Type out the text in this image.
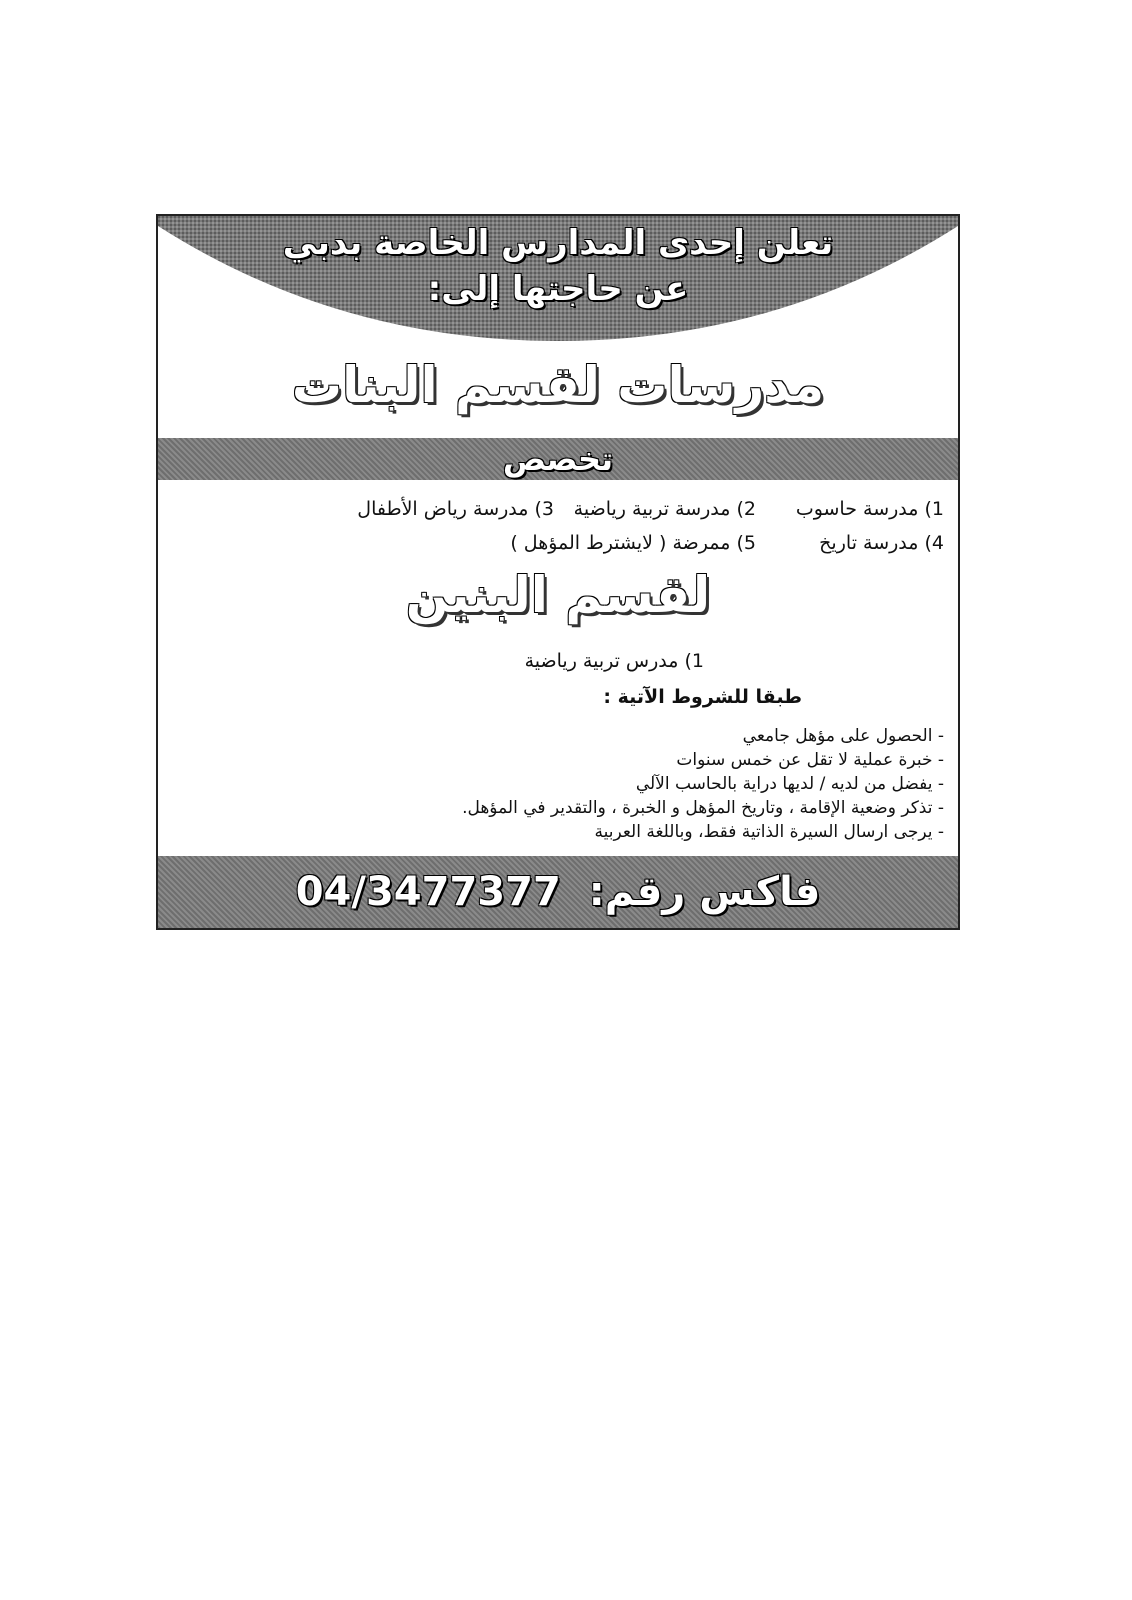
تعلن إحدى المدارس الخاصة بدبي
عن حاجتها إلى:
مدرسات لقسم البنات
تخصص
1) مدرسة حاسوب
2) مدرسة تربية رياضية
3) مدرسة رياض الأطفال
4) مدرسة تاريخ
5) ممرضة ( لايشترط المؤهل )
لقسم البنين
1) مدرس تربية رياضية
طبقا للشروط الآتية :
- الحصول على مؤهل جامعي
- خبرة عملية لا تقل عن خمس سنوات
- يفضل من لديه / لديها دراية بالحاسب الآلي
- تذكر وضعية الإقامة ، وتاريخ المؤهل و الخبرة ، والتقدير في المؤهل.
- يرجى ارسال السيرة الذاتية فقط، وباللغة العربية
فاكس رقم: 04/3477377
